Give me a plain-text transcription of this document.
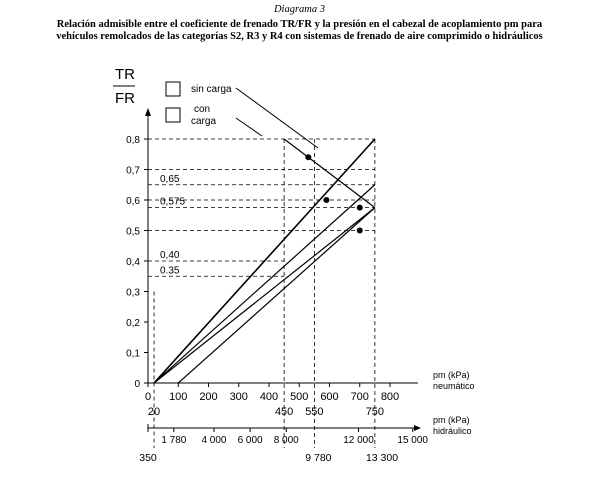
Diagrama 3
Relación admisible entre el coeficiente de frenado TR/FR y la presión en el cabezal de acoplamiento pm para
vehículos remolcados de las categorías S2, R3 y R4 con sistemas de frenado de aire comprimido o hidráulicos
TR
FR
sin carga
con
carga
0
0,1
0,2
0,3
0,4
0,5
0,6
0,7
0,8
0,65
0,575
0,40
0.35
0 100 200 300 400 500 600 700 800
20	450 550	750
1 780 4 000 6 000 8 000	12 000 15 000
350	9 780	13 300
pm (kPa)
neumático
pm (kPa)
hidráulico
